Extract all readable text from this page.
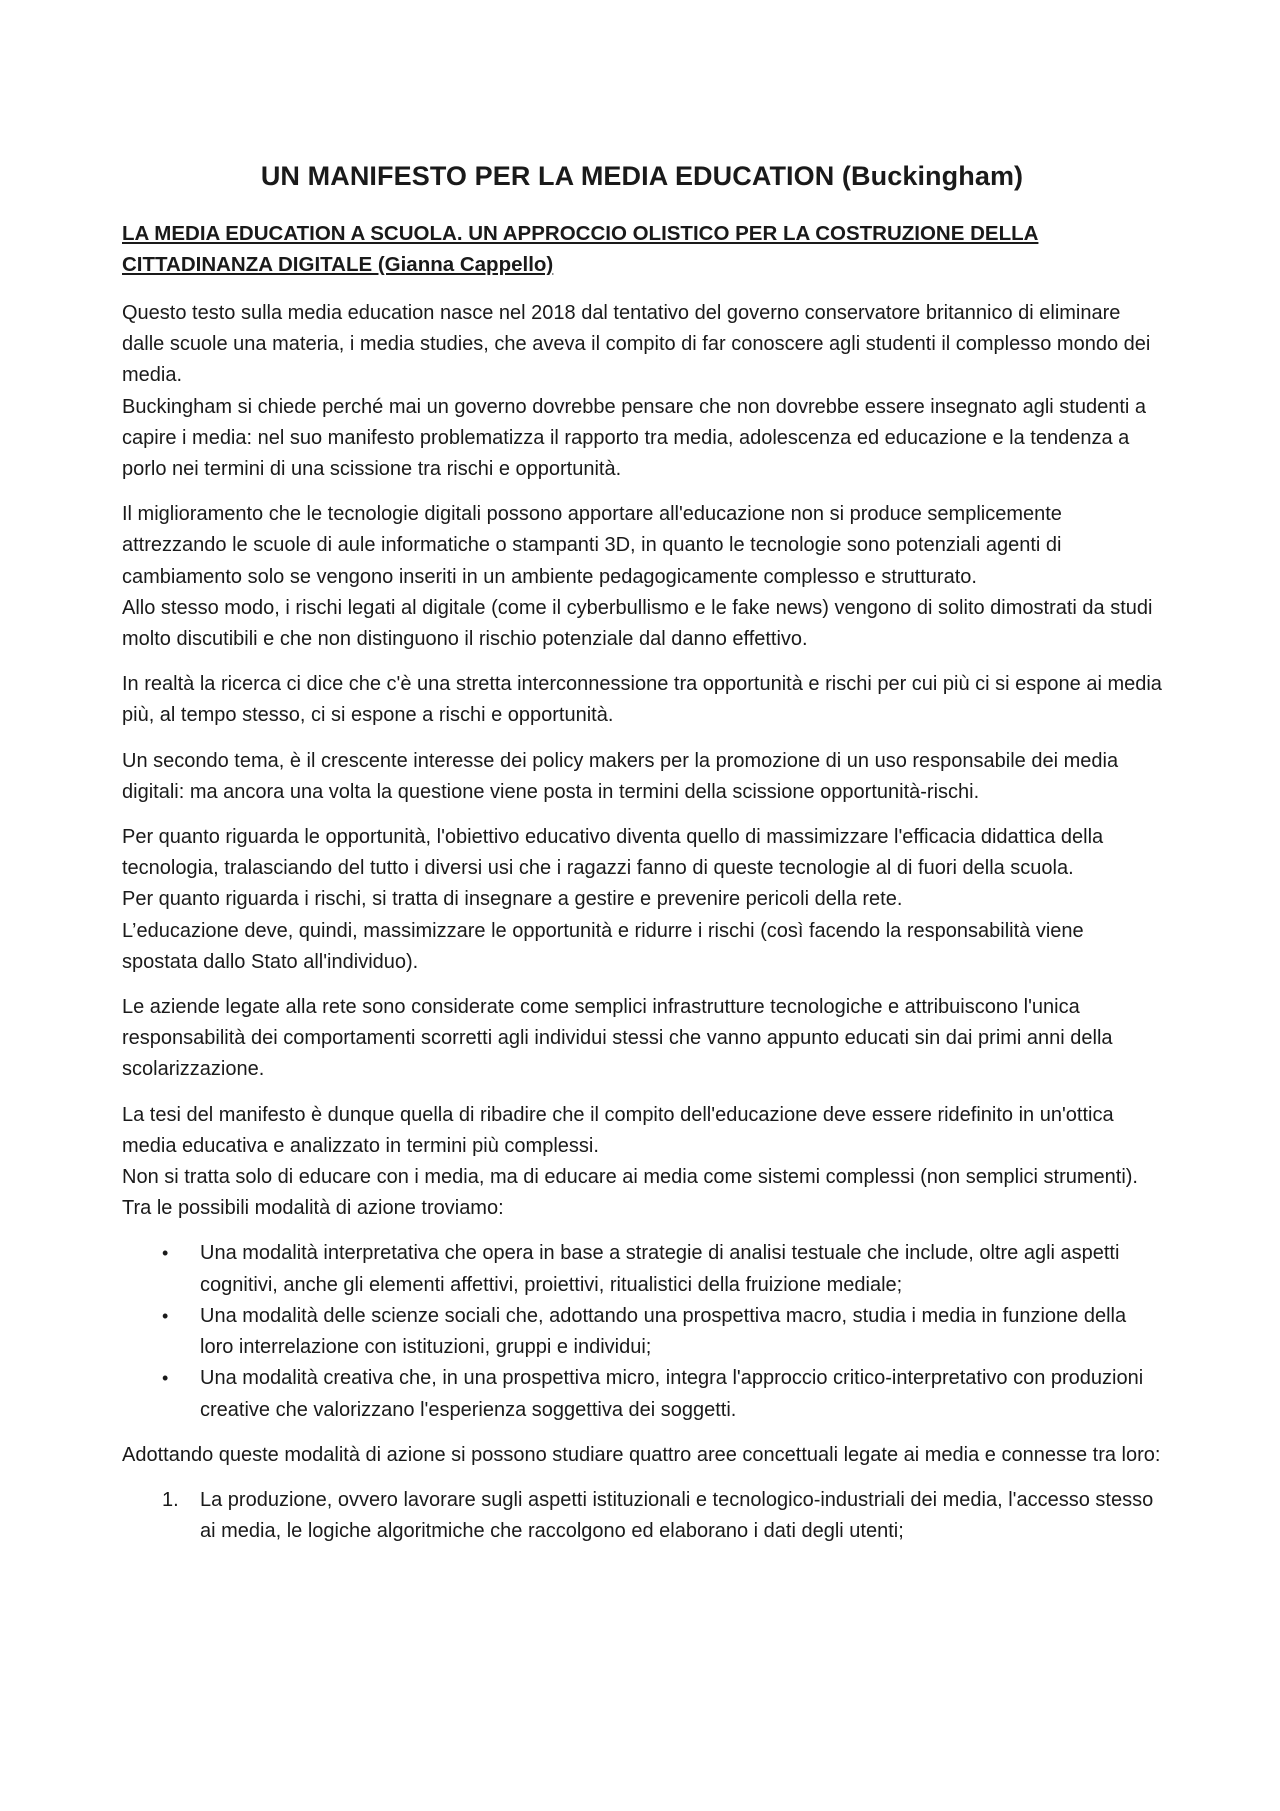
UN MANIFESTO PER LA MEDIA EDUCATION (Buckingham)
LA MEDIA EDUCATION A SCUOLA. UN APPROCCIO OLISTICO PER LA COSTRUZIONE DELLA CITTADINANZA DIGITALE (Gianna Cappello)
Questo testo sulla media education nasce nel 2018 dal tentativo del governo conservatore britannico di eliminare dalle scuole una materia, i media studies, che aveva il compito di far conoscere agli studenti il complesso mondo dei media.
Buckingham si chiede perché mai un governo dovrebbe pensare che non dovrebbe essere insegnato agli studenti a capire i media: nel suo manifesto problematizza il rapporto tra media, adolescenza ed educazione e la tendenza a porlo nei termini di una scissione tra rischi e opportunità.
Il miglioramento che le tecnologie digitali possono apportare all'educazione non si produce semplicemente attrezzando le scuole di aule informatiche o stampanti 3D, in quanto le tecnologie sono potenziali agenti di cambiamento solo se vengono inseriti in un ambiente pedagogicamente complesso e strutturato.
Allo stesso modo, i rischi legati al digitale (come il cyberbullismo e le fake news) vengono di solito dimostrati da studi molto discutibili e che non distinguono il rischio potenziale dal danno effettivo.
In realtà la ricerca ci dice che c'è una stretta interconnessione tra opportunità e rischi per cui più ci si espone ai media più, al tempo stesso, ci si espone a rischi e opportunità.
Un secondo tema, è il crescente interesse dei policy makers per la promozione di un uso responsabile dei media digitali: ma ancora una volta la questione viene posta in termini della scissione opportunità-rischi.
Per quanto riguarda le opportunità, l'obiettivo educativo diventa quello di massimizzare l'efficacia didattica della tecnologia, tralasciando del tutto i diversi usi che i ragazzi fanno di queste tecnologie al di fuori della scuola.
Per quanto riguarda i rischi, si tratta di insegnare a gestire e prevenire pericoli della rete.
L’educazione deve, quindi, massimizzare le opportunità e ridurre i rischi (così facendo la responsabilità viene spostata dallo Stato all'individuo).
Le aziende legate alla rete sono considerate come semplici infrastrutture tecnologiche e attribuiscono l'unica responsabilità dei comportamenti scorretti agli individui stessi che vanno appunto educati sin dai primi anni della scolarizzazione.
La tesi del manifesto è dunque quella di ribadire che il compito dell'educazione deve essere ridefinito in un'ottica media educativa e analizzato in termini più complessi.
Non si tratta solo di educare con i media, ma di educare ai media come sistemi complessi (non semplici strumenti).
Tra le possibili modalità di azione troviamo:
• Una modalità interpretativa che opera in base a strategie di analisi testuale che include, oltre agli aspetti cognitivi, anche gli elementi affettivi, proiettivi, ritualistici della fruizione mediale;
• Una modalità delle scienze sociali che, adottando una prospettiva macro, studia i media in funzione della loro interrelazione con istituzioni, gruppi e individui;
• Una modalità creativa che, in una prospettiva micro, integra l'approccio critico-interpretativo con produzioni creative che valorizzano l'esperienza soggettiva dei soggetti.
Adottando queste modalità di azione si possono studiare quattro aree concettuali legate ai media e connesse tra loro:
1. La produzione, ovvero lavorare sugli aspetti istituzionali e tecnologico-industriali dei media, l'accesso stesso ai media, le logiche algoritmiche che raccolgono ed elaborano i dati degli utenti;
